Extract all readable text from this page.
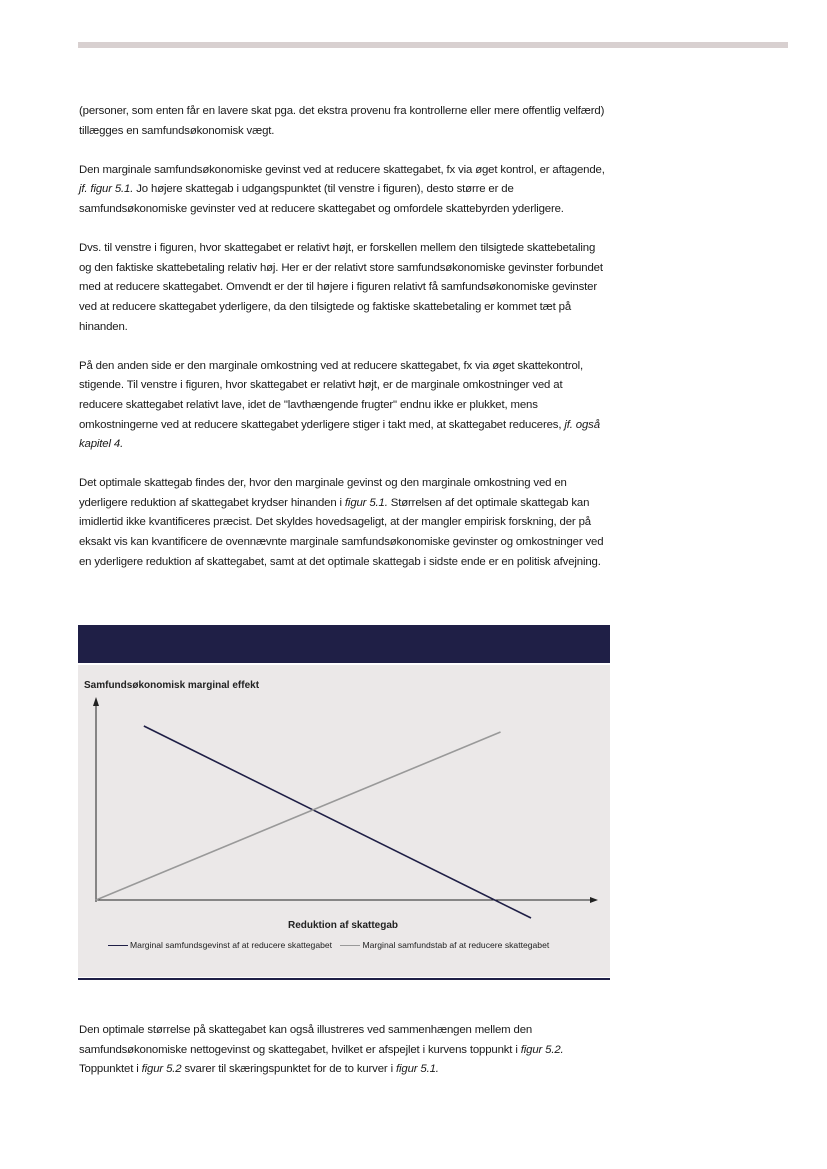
(personer, som enten får en lavere skat pga. det ekstra provenu fra kontrollerne eller mere offentlig velfærd) tillægges en samfundsøkonomisk vægt.

Den marginale samfundsøkonomiske gevinst ved at reducere skattegabet, fx via øget kontrol, er aftagende, jf. figur 5.1. Jo højere skattegab i udgangspunktet (til venstre i figuren), desto større er de samfundsøkonomiske gevinster ved at reducere skattegabet og omfordele skattebyrden yderligere.

Dvs. til venstre i figuren, hvor skattegabet er relativt højt, er forskellen mellem den tilsigtede skattebetaling og den faktiske skattebetaling relativ høj. Her er der relativt store samfundsøkonomiske gevinster forbundet med at reducere skattegabet. Omvendt er der til højere i figuren relativt få samfundsøkonomiske gevinster ved at reducere skattegabet yderligere, da den tilsigtede og faktiske skattebetaling er kommet tæt på hinanden.

På den anden side er den marginale omkostning ved at reducere skattegabet, fx via øget skattekontrol, stigende. Til venstre i figuren, hvor skattegabet er relativt højt, er de marginale omkostninger ved at reducere skattegabet relativt lave, idet de "lavthængende frugter" endnu ikke er plukket, mens omkostningerne ved at reducere skattegabet yderligere stiger i takt med, at skattegabet reduceres, jf. også kapitel 4.

Det optimale skattegab findes der, hvor den marginale gevinst og den marginale omkostning ved en yderligere reduktion af skattegabet krydser hinanden i figur 5.1. Størrelsen af det optimale skattegab kan imidlertid ikke kvantificeres præcist. Det skyldes hovedsageligt, at der mangler empirisk forskning, der på eksakt vis kan kvantificere de ovennævnte marginale samfundsøkonomiske gevinster og omkostninger ved en yderligere reduktion af skattegabet, samt at det optimale skattegab i sidste ende er en politisk afvejning.

Samfundsøkonomisk marginal effekt
Reduktion af skattegab
Marginal samfundsgevinst af at reducere skattegabet	Marginal samfundstab af at reducere skattegabet

Den optimale størrelse på skattegabet kan også illustreres ved sammenhængen mellem den samfundsøkonomiske nettogevinst og skattegabet, hvilket er afspejlet i kurvens toppunkt i figur 5.2. Toppunktet i figur 5.2 svarer til skæringspunktet for de to kurver i figur 5.1.
